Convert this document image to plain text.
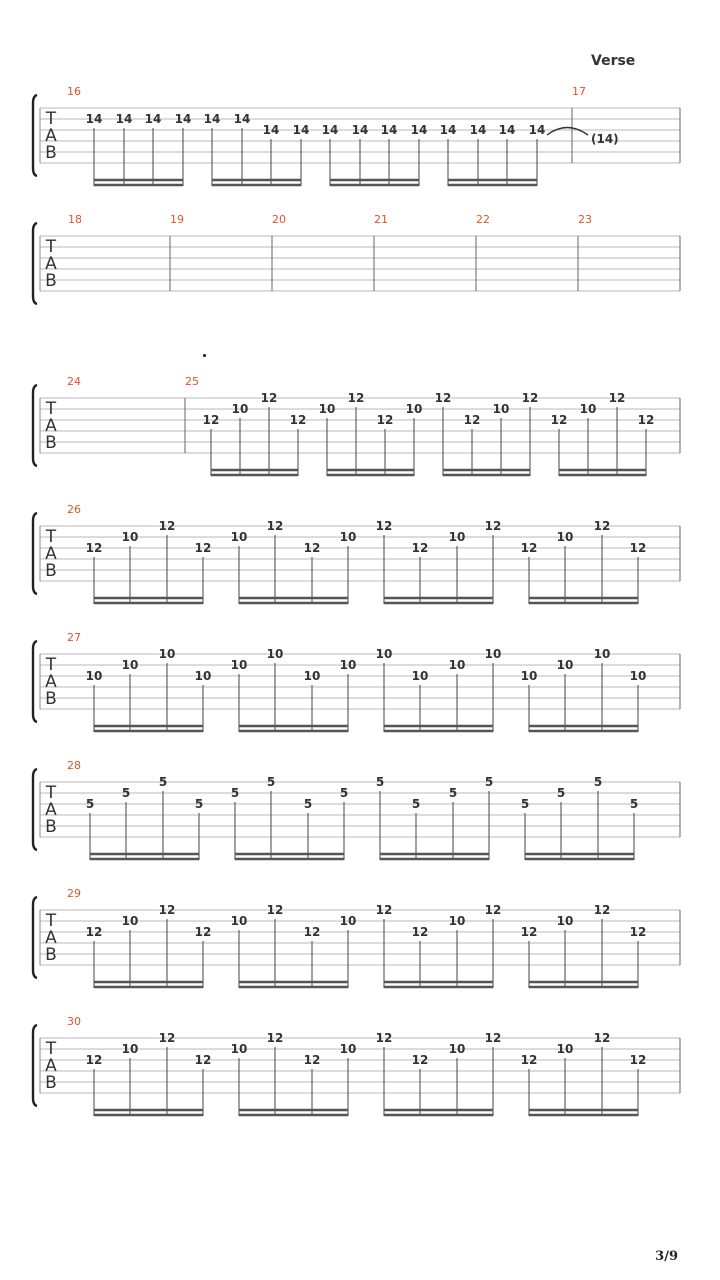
Verse
T
A
B
16
14 14 14 14 14 14
14 14 14 14 14 14 14 14 14 14
17
(14)
T
A
B
18	19	20	21	22	23
T
A
B
24	25
12
10
12
12
10
12
12
10
12
12
10
12
12
10
12
12
T
A
B
26
12
10
12
12
10
12
12
10
12
12
10
12
12
10
12
12
T
A
B
27
10
10
10
10
10
10
10
10
10
10
10
10
10
10
10
10
T
A
B
28
5
5
5
5
5
5
5
5
5
5
5
5
5
5
5
5
T
A
B
29
12
10
12
12
10
12
12
10
12
12
10
12
12
10
12
12
T
A
B
30
12
10
12
12
10
12
12
10
12
12
10
12
12
10
12
12
3/9
